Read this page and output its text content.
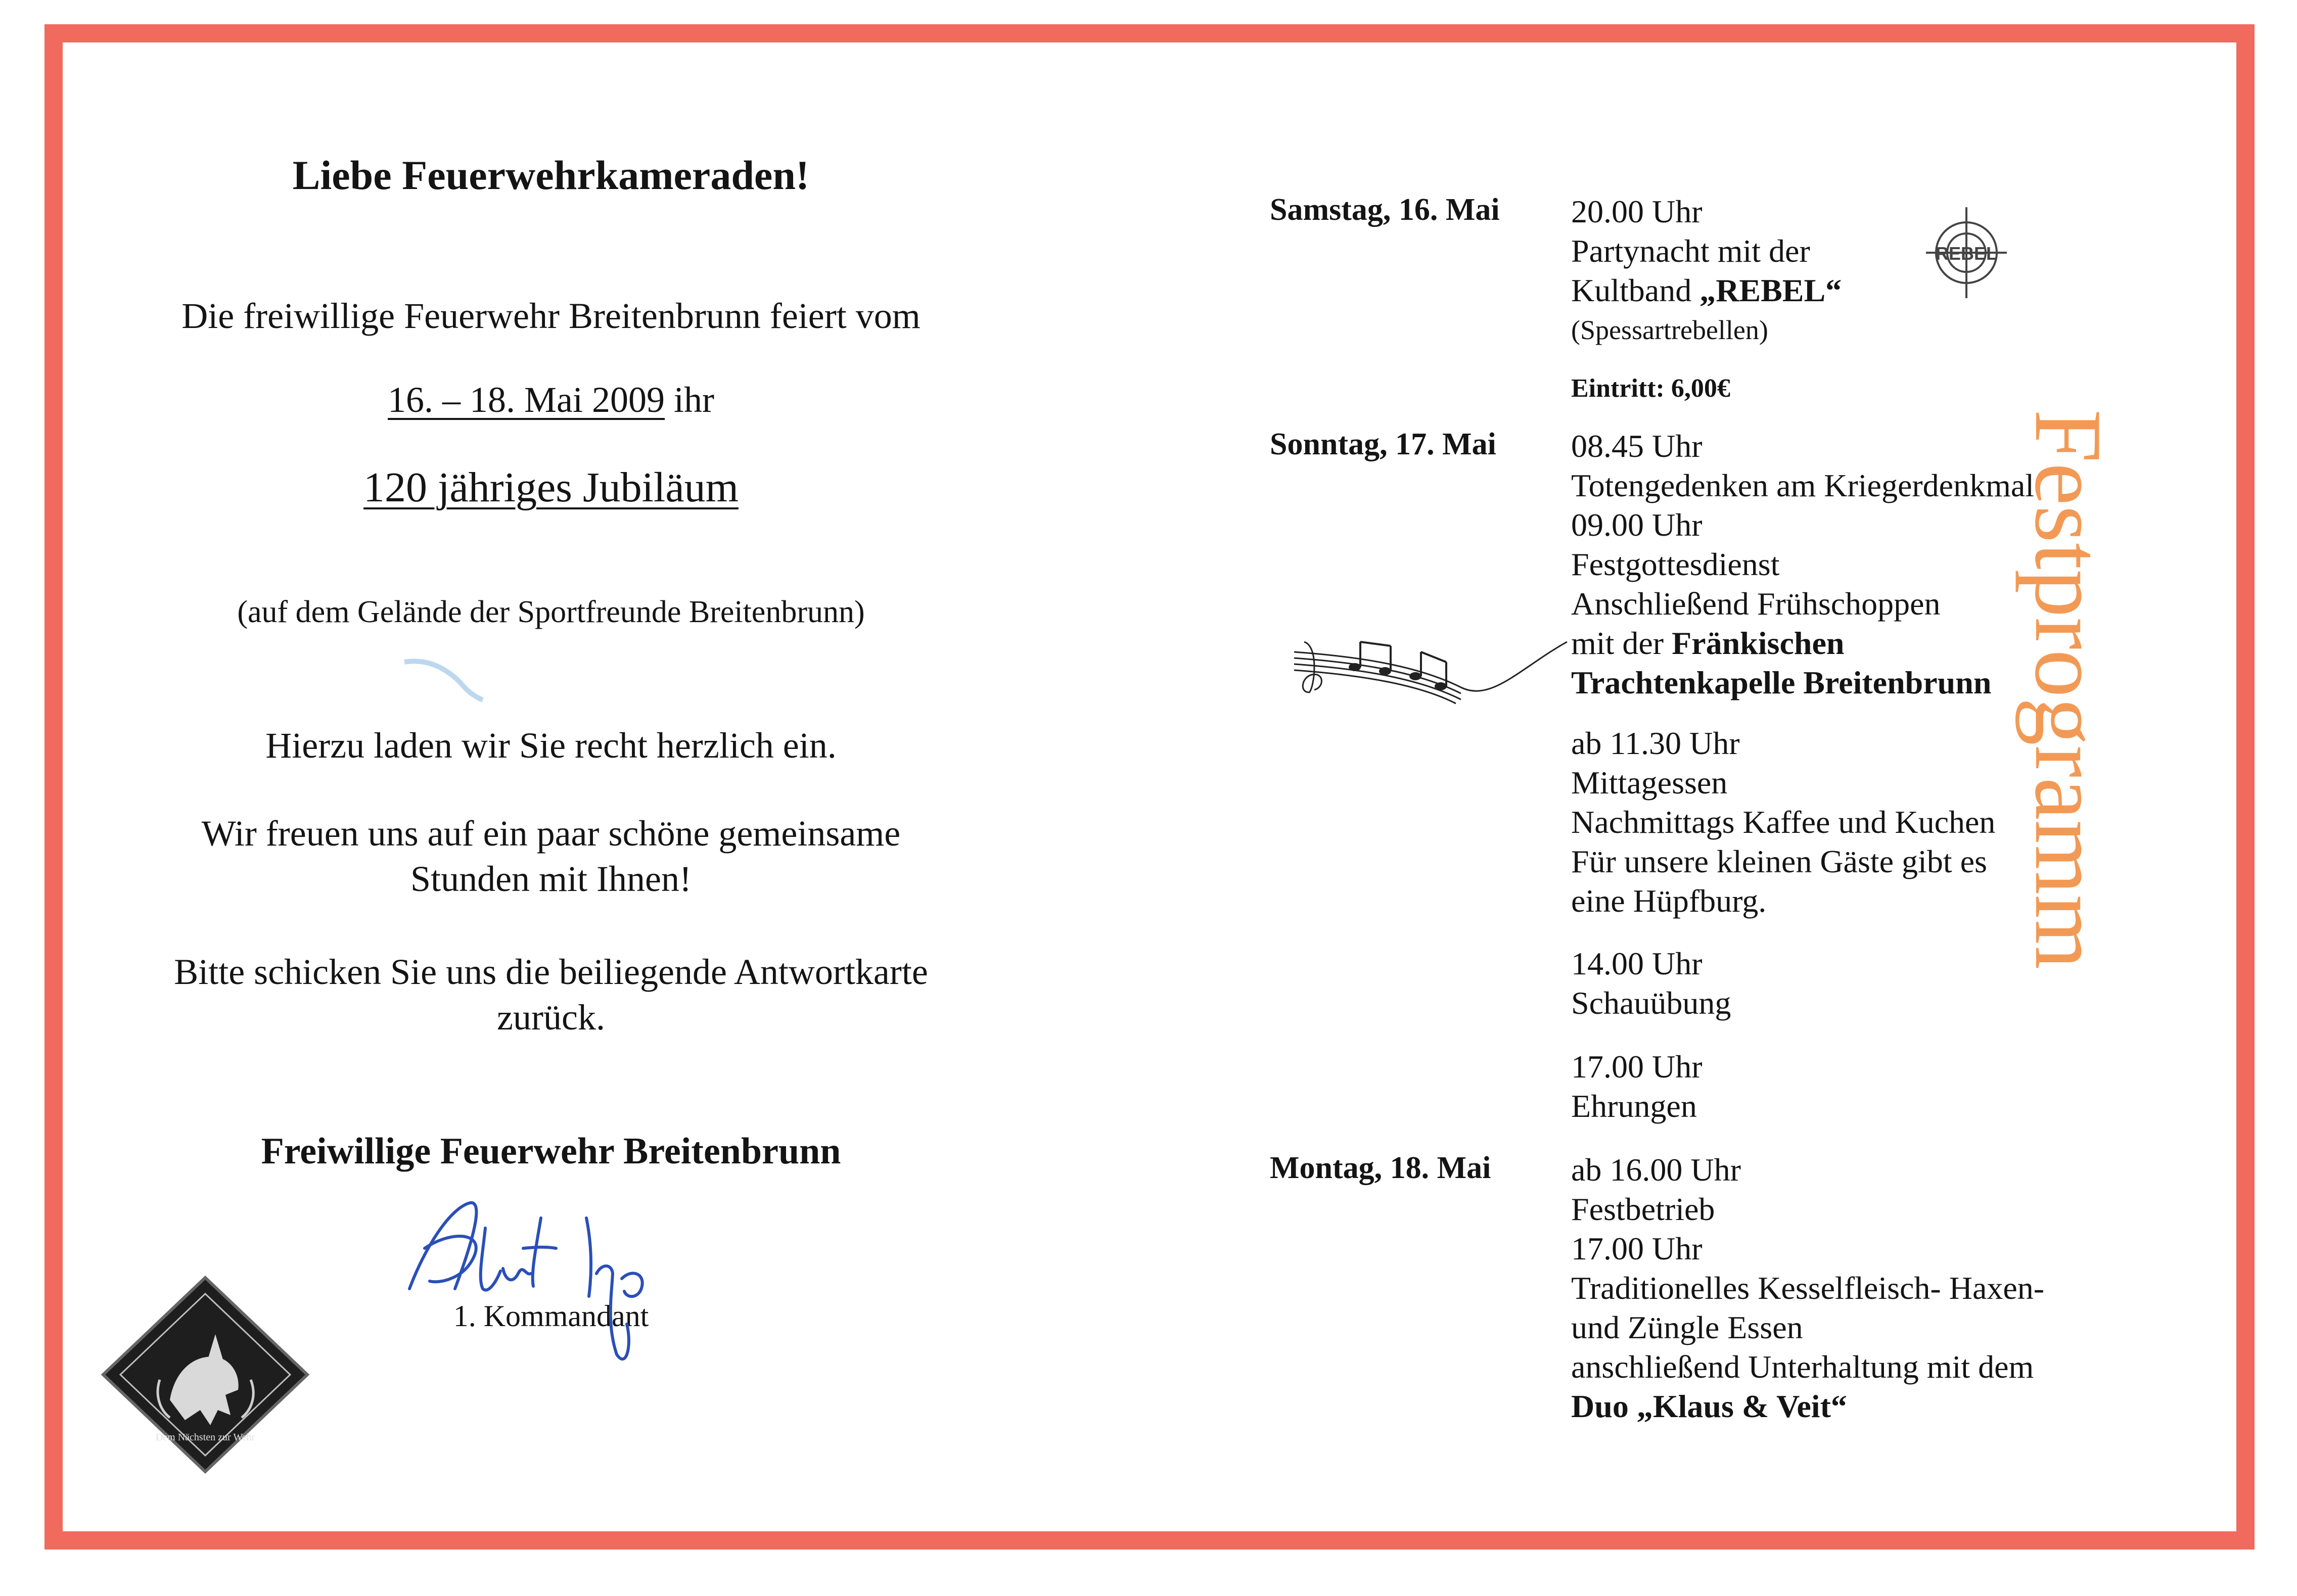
Liebe Feuerwehrkameraden!
Die freiwillige Feuerwehr Breitenbrunn feiert vom
16. – 18. Mai 2009 ihr
120 jähriges Jubiläum
(auf dem Gelände der Sportfreunde Breitenbrunn)
Hierzu laden wir Sie recht herzlich ein.
Wir freuen uns auf ein paar schöne gemeinsame
Stunden mit Ihnen!
Bitte schicken Sie uns die beiliegende Antwortkarte
zurück.
Freiwillige Feuerwehr Breitenbrunn
1. Kommandant
Dem Nächsten zur Wehr
Samstag, 16. Mai 20.00 Uhr
Partynacht mit der
Kultband „REBEL“
(Spessartrebellen)
Eintritt: 6,00€
REBEL
Sonntag, 17. Mai 08.45 Uhr
Totengedenken am Kriegerdenkmal
09.00 Uhr
Festgottesdienst
Anschließend Frühschoppen
mit der Fränkischen
Trachtenkapelle Breitenbrunn
ab 11.30 Uhr
Mittagessen
Nachmittags Kaffee und Kuchen
Für unsere kleinen Gäste gibt es
eine Hüpfburg.
14.00 Uhr
Schauübung
17.00 Uhr
Ehrungen
Montag, 18. Mai ab 16.00 Uhr
Festbetrieb
17.00 Uhr
Traditionelles Kesselfleisch- Haxen-
und Züngle Essen
anschließend Unterhaltung mit dem
Duo „Klaus & Veit“
Festprogramm
